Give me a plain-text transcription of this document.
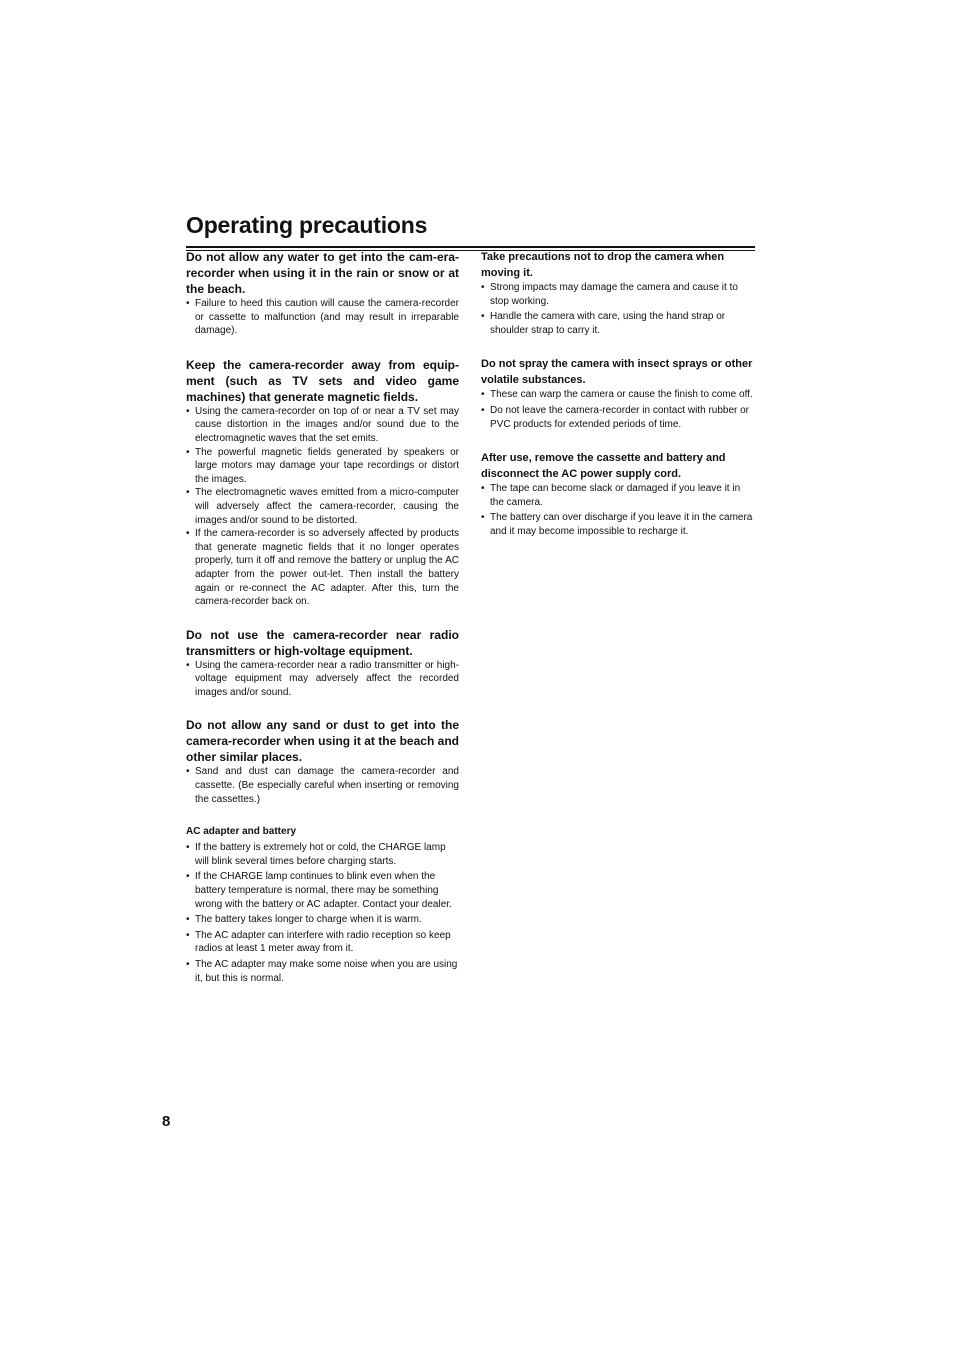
Operating precautions

Do not allow any water to get into the cam-era-recorder when using it in the rain or snow or at the beach.

• Failure to heed this caution will cause the camera-recorder or cassette to malfunction (and may result in irreparable damage).

Keep the camera-recorder away from equip-ment (such as TV sets and video game machines) that generate magnetic fields.

• Using the camera-recorder on top of or near a TV set may cause distortion in the images and/or sound due to the electromagnetic waves that the set emits.
• The powerful magnetic fields generated by speakers or large motors may damage your tape recordings or distort the images.
• The electromagnetic waves emitted from a micro-computer will adversely affect the camera-recorder, causing the images and/or sound to be distorted.
• If the camera-recorder is so adversely affected by products that generate magnetic fields that it no longer operates properly, turn it off and remove the battery or unplug the AC adapter from the power out-let. Then install the battery again or re-connect the AC adapter. After this, turn the camera-recorder back on.

Do not use the camera-recorder near radio transmitters or high-voltage equipment.

• Using the camera-recorder near a radio transmitter or high-voltage equipment may adversely affect the recorded images and/or sound.

Do not allow any sand or dust to get into the camera-recorder when using it at the beach and other similar places.

• Sand and dust can damage the camera-recorder and cassette. (Be especially careful when inserting or removing the cassettes.)

AC adapter and battery

• If the battery is extremely hot or cold, the CHARGE lamp will blink several times before charging starts.
• If the CHARGE lamp continues to blink even when the battery temperature is normal, there may be something wrong with the battery or AC adapter. Contact your dealer.
• The battery takes longer to charge when it is warm.
• The AC adapter can interfere with radio reception so keep radios at least 1 meter away from it.
• The AC adapter may make some noise when you are using it, but this is normal.

Take precautions not to drop the camera when moving it.

• Strong impacts may damage the camera and cause it to stop working.
• Handle the camera with care, using the hand strap or shoulder strap to carry it.

Do not spray the camera with insect sprays or other volatile substances.

• These can warp the camera or cause the finish to come off.
• Do not leave the camera-recorder in contact with rubber or PVC products for extended periods of time.

After use, remove the cassette and battery and disconnect the AC power supply cord.

• The tape can become slack or damaged if you leave it in the camera.
• The battery can over discharge if you leave it in the camera and it may become impossible to recharge it.
8
